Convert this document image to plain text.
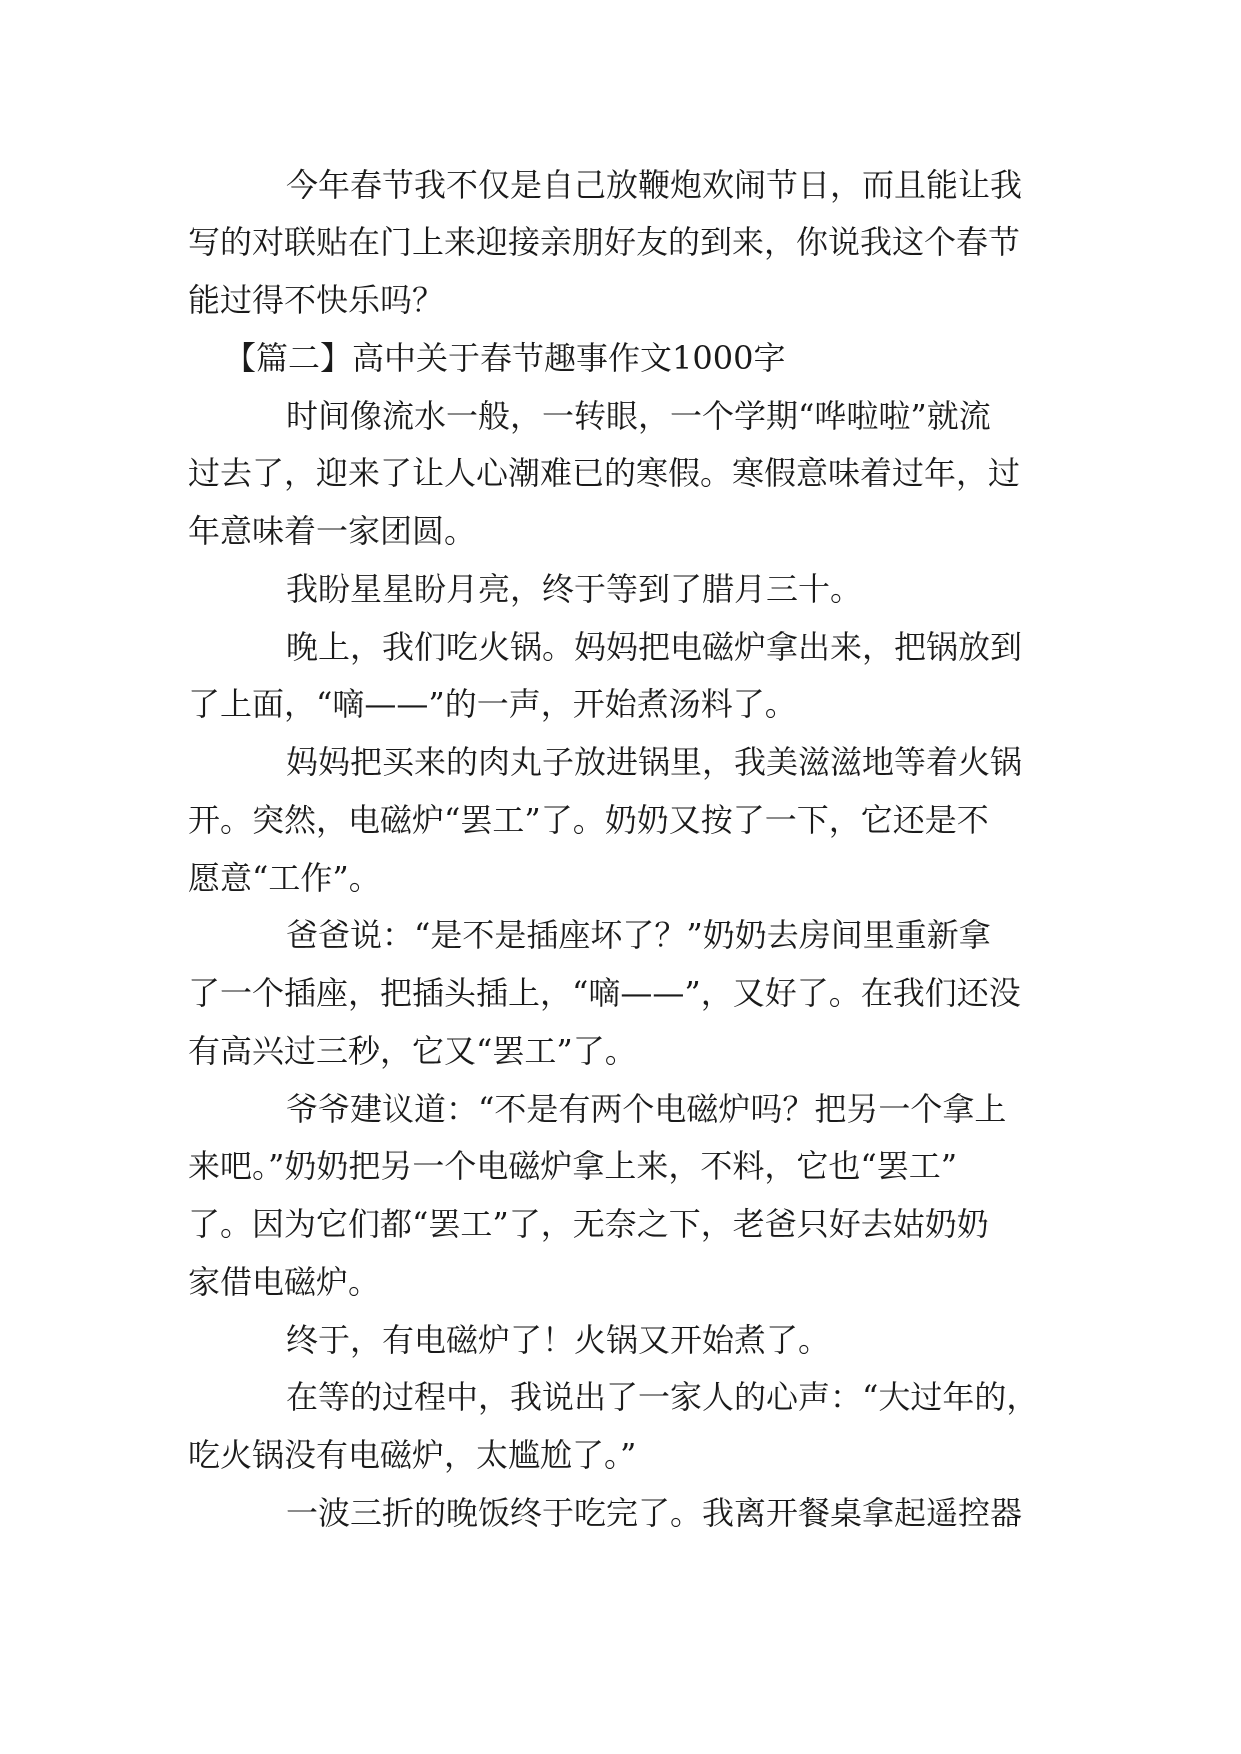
今年春节我不仅是自己放鞭炮欢闹节日，而且能让我

写的对联贴在门上来迎接亲朋好友的到来，你说我这个春节

能过得不快乐吗？

【篇二】高中关于春节趣事作文1000字

时间像流水一般，一转眼，一个学期“哗啦啦”就流

过去了，迎来了让人心潮难已的寒假。寒假意味着过年，过

年意味着一家团圆。

我盼星星盼月亮，终于等到了腊月三十。

晚上，我们吃火锅。妈妈把电磁炉拿出来，把锅放到

了上面，“嘀——”的一声，开始煮汤料了。

妈妈把买来的肉丸子放进锅里，我美滋滋地等着火锅

开。突然，电磁炉“罢工”了。奶奶又按了一下，它还是不

愿意“工作”。

爸爸说：“是不是插座坏了？”奶奶去房间里重新拿

了一个插座，把插头插上，“嘀——”，又好了。在我们还没

有高兴过三秒，它又“罢工”了。

爷爷建议道：“不是有两个电磁炉吗？把另一个拿上

来吧。”奶奶把另一个电磁炉拿上来，不料，它也“罢工”

了。因为它们都“罢工”了，无奈之下，老爸只好去姑奶奶

家借电磁炉。

终于，有电磁炉了！火锅又开始煮了。

在等的过程中，我说出了一家人的心声：“大过年的，

吃火锅没有电磁炉，太尴尬了。”

一波三折的晚饭终于吃完了。我离开餐桌拿起遥控器
